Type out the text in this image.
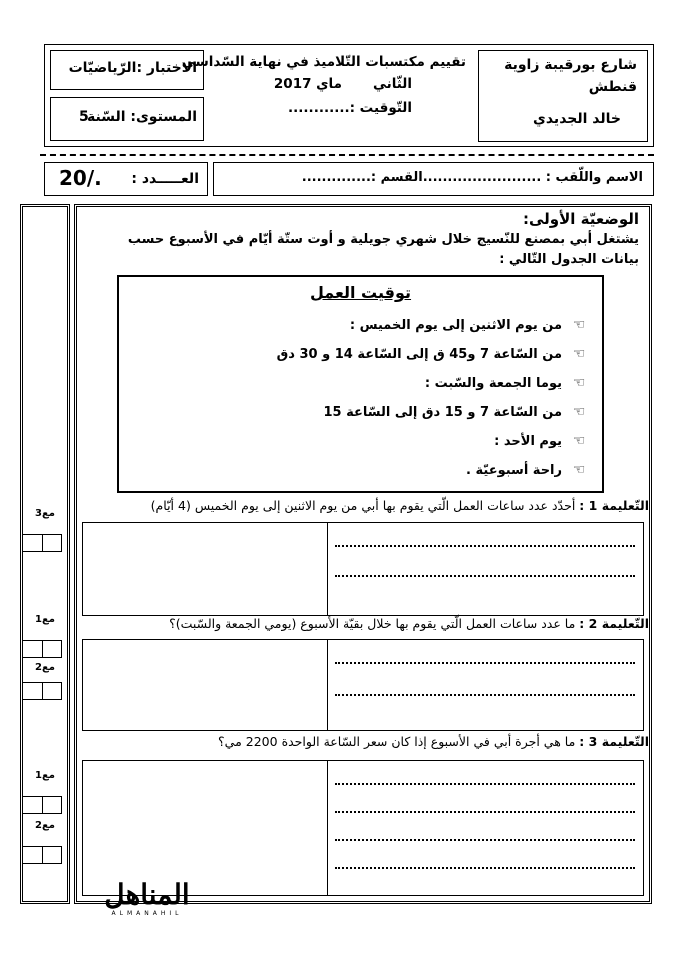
شارع بورقيبة زاوية
قنطش
خالد الجديدي
تقييم مكتسبات التّلاميذ في نهاية السّداسي
الثّاني
ماي 2017
التّوقيت :............
الاختبار :الرّياضيّات
المستوى: السّنة
5
الاسم واللّقب : ........................القسم :..............
العـــــدد :
20/.
الوضعيّة الأولى:
يشتغل أبي بمصنع للنّسيج خلال شهري جويلية و أوت ستّة أيّام في الأسبوع حسب بيانات الجدول التّالي :
توقيت العمل
☜
من يوم الاثنين إلى يوم الخميس :
☜
من السّاعة 7 و45 ق إلى السّاعة 14 و 30 دق
☜
يوما الجمعة والسّبت :
☜
من السّاعة 7 و 15 دق إلى السّاعة 15
☜
يوم الأحد :
☜
راحة أسبوعيّة .
التّعليمة 1 : أحدّد عدد ساعات العمل الّتي يقوم بها أبي من يوم الاثنين إلى يوم الخميس (4 أيّام)
التّعليمة 2 : ما عدد ساعات العمل الّتي يقوم بها خلال بقيّة الأسبوع (يومي الجمعة والسّبت)؟
التّعليمة 3 : ما هي أجرة أبي في الأسبوع إذا كان سعر السّاعة الواحدة 2200 مي؟
مع3
مع1
مع2
مع1
مع2
المناهل
ALMANAHIL
